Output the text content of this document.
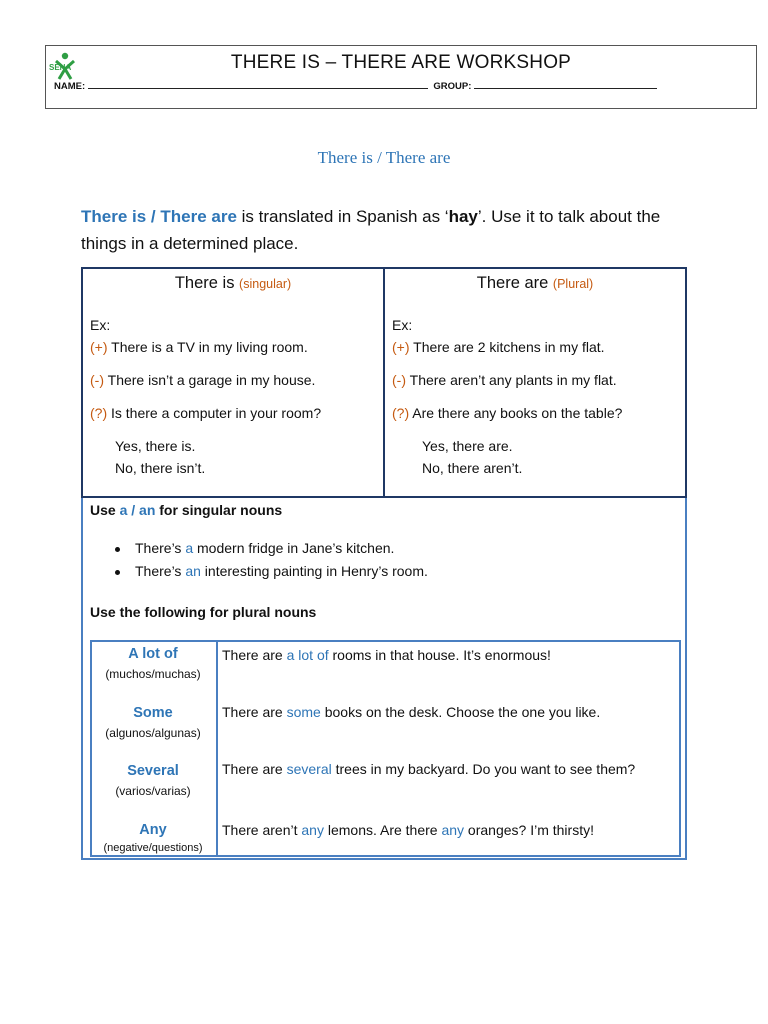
SENA	THERE IS – THERE ARE WORKSHOP
NAME:	GROUP:
There is / There are
There is / There are is translated in Spanish as ‘hay’. Use it to talk about the things in a determined place.
There is (singular)
Ex:
(+) There is a TV in my living room.
(-) There isn’t a garage in my house.
(?) Is there a computer in your room?
Yes, there is.
No, there isn’t.
There are (Plural)
Ex:
(+) There are 2 kitchens in my flat.
(-) There aren’t any plants in my flat.
(?) Are there any books on the table?
Yes, there are.
No, there aren’t.
Use a / an for singular nouns
There’s a modern fridge in Jane’s kitchen.
There’s an interesting painting in Henry’s room.
Use the following for plural nouns
A lot of
(muchos/muchas)
There are a lot of rooms in that house. It’s enormous!
Some
(algunos/algunas)
There are some books on the desk. Choose the one you like.
Several
(varios/varias)
There are several trees in my backyard. Do you want to see them?
Any
(negative/questions)
There aren’t any lemons. Are there any oranges? I’m thirsty!
